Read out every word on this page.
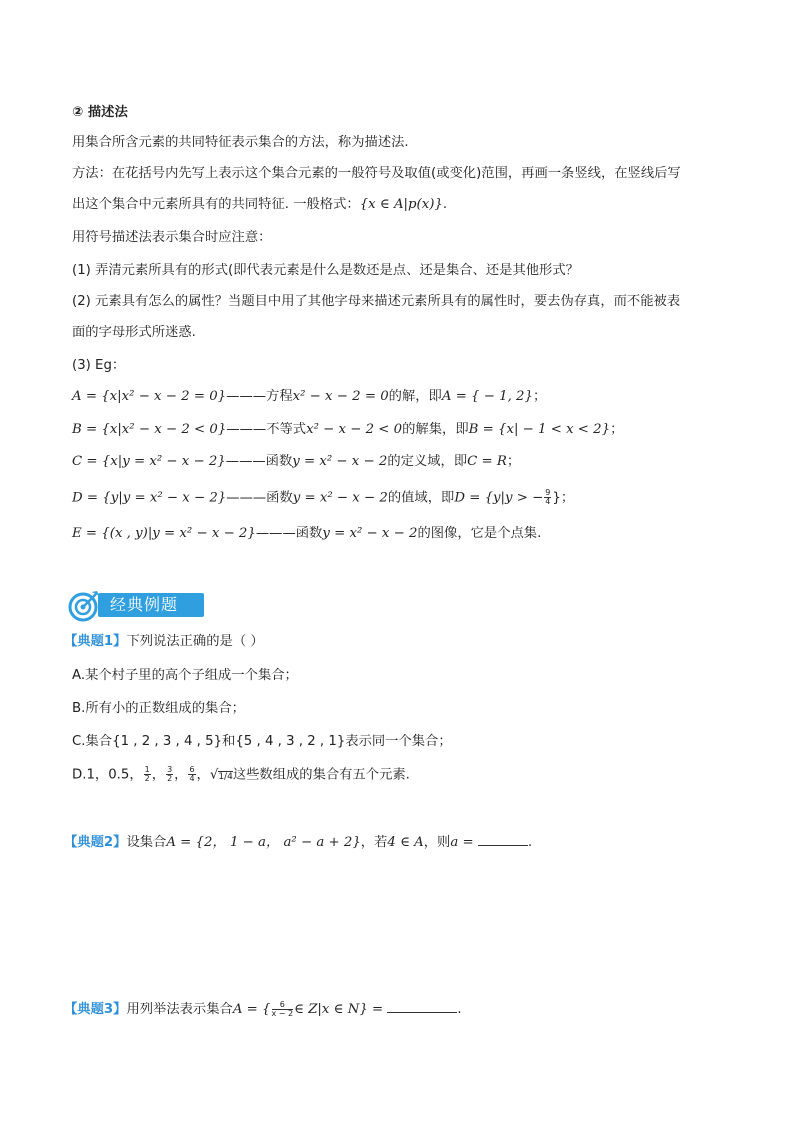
② 描述法
用集合所含元素的共同特征表示集合的方法，称为描述法.
方法：在花括号内先写上表示这个集合元素的一般符号及取值(或变化)范围，再画一条竖线，在竖线后写
出这个集合中元素所具有的共同特征. 一般格式：{x ∈ A|p(x)}.
用符号描述法表示集合时应注意：
(1) 弄清元素所具有的形式(即代表元素是什么是数还是点、还是集合、还是其他形式？
(2) 元素具有怎么的属性？当题目中用了其他字母来描述元素所具有的属性时，要去伪存真，而不能被表
面的字母形式所迷惑.
(3) Eg：
A = {x|x² − x − 2 = 0}———方程x² − x − 2 = 0的解，即A = { − 1, 2}；
B = {x|x² − x − 2 < 0}———不等式x² − x − 2 < 0的解集，即B = {x| − 1 < x < 2}；
C = {x|y = x² − x − 2}———函数y = x² − x − 2的定义域，即C = R；
D = {y|y = x² − x − 2}———函数y = x² − x − 2的值域，即D = {y|y > − $\frac{9}{4}$ }；
E = {(x , y)|y = x² − x − 2}———函数y = x² − x − 2的图像，它是个点集.
经典例题
【典题1】下列说法正确的是（ ）
A.某个村子里的高个子组成一个集合；
B.所有小的正数组成的集合；
C.集合{1 , 2 , 3 , 4 , 5}和{5 , 4 , 3 , 2 , 1}表示同一个集合；
D.1，0.5， $\frac{1}{2}$ ， $\frac{3}{2}$ ， $\frac{6}{4}$ ，√1/4这些数组成的集合有五个元素.
【典题2】设集合A = {2， 1 − a， a² − a + 2}，若4 ∈ A，则a =	.
【典题3】用列举法表示集合A = { $\frac{6}{x - 2}$ ∈ Z|x ∈ N} =	.
